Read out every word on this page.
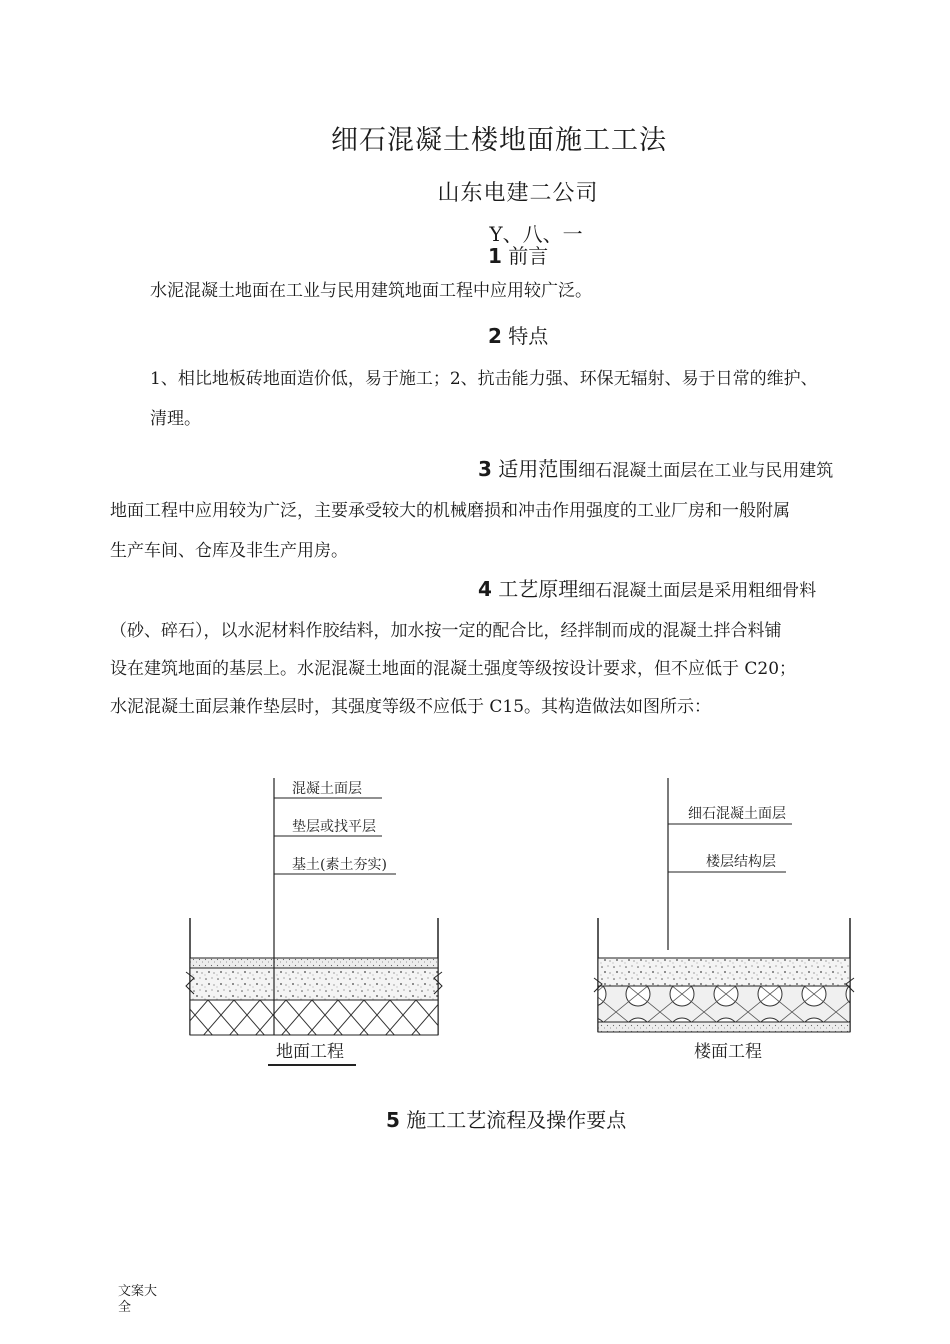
细石混凝土楼地面施工工法
山东电建二公司
Y、八、一
1 前言
水泥混凝土地面在工业与民用建筑地面工程中应用较广泛。
2 特点
1、相比地板砖地面造价低，易于施工；2、抗击能力强、环保无辐射、易于日常的维护、
清理。
3 适用范围细石混凝土面层在工业与民用建筑
地面工程中应用较为广泛，主要承受较大的机械磨损和冲击作用强度的工业厂房和一般附属
生产车间、仓库及非生产用房。
4 工艺原理细石混凝土面层是采用粗细骨料
（砂、碎石），以水泥材料作胶结料，加水按一定的配合比，经拌制而成的混凝土拌合料铺
设在建筑地面的基层上。水泥混凝土地面的混凝土强度等级按设计要求，但不应低于 C20；
水泥混凝土面层兼作垫层时，其强度等级不应低于 C15。其构造做法如图所示：
混凝土面层
垫层或找平层
基土(素土夯实)
地面工程
细石混凝土面层
楼层结构层
楼面工程
5 施工工艺流程及操作要点
文案大全
